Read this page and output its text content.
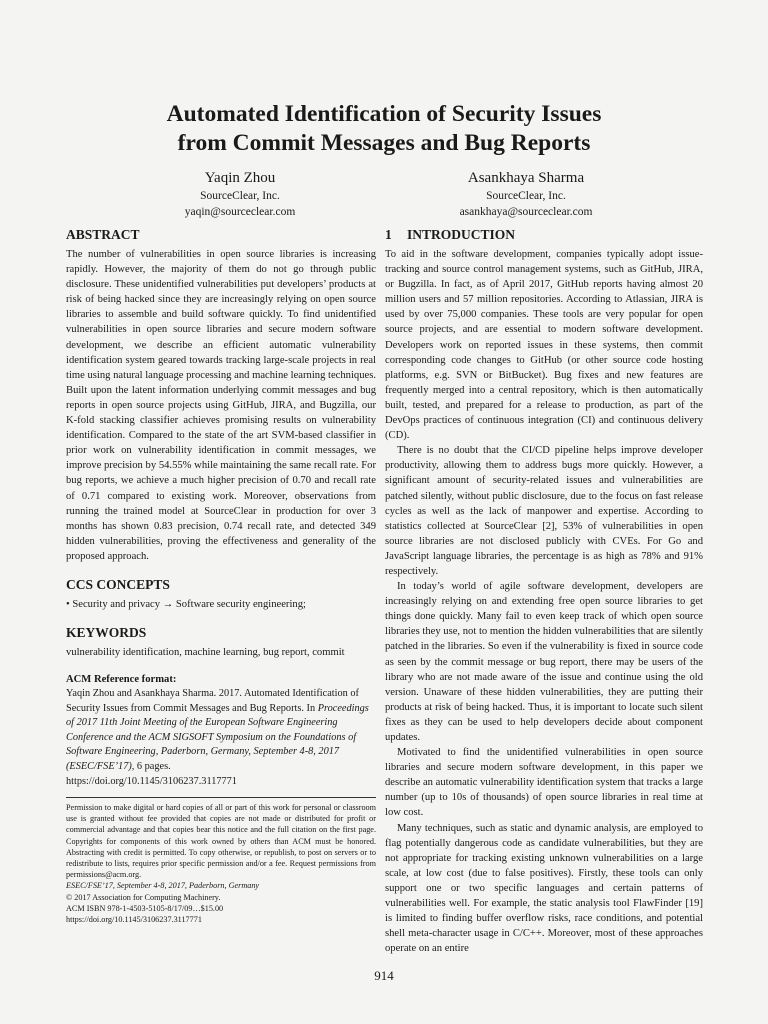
Automated Identification of Security Issues
from Commit Messages and Bug Reports
Yaqin Zhou
SourceClear, Inc.
yaqin@sourceclear.com
Asankhaya Sharma
SourceClear, Inc.
asankhaya@sourceclear.com
ABSTRACT

The number of vulnerabilities in open source libraries is increasing rapidly. However, the majority of them do not go through public disclosure. These unidentified vulnerabilities put developers’ products at risk of being hacked since they are increasingly relying on open source libraries to assemble and build software quickly. To find unidentified vulnerabilities in open source libraries and secure modern software development, we describe an efficient automatic vulnerability identification system geared towards tracking large-scale projects in real time using natural language processing and machine learning techniques. Built upon the latent information underlying commit messages and bug reports in open source projects using GitHub, JIRA, and Bugzilla, our K-fold stacking classifier achieves promising results on vulnerability identification. Compared to the state of the art SVM-based classifier in prior work on vulnerability identification in commit messages, we improve precision by 54.55% while maintaining the same recall rate. For bug reports, we achieve a much higher precision of 0.70 and recall rate of 0.71 compared to existing work. Moreover, observations from running the trained model at SourceClear in production for over 3 months has shown 0.83 precision, 0.74 recall rate, and detected 349 hidden vulnerabilities, proving the effectiveness and generality of the proposed approach.

CCS CONCEPTS
• Security and privacy → Software security engineering;
KEYWORDS
vulnerability identification, machine learning, bug report, commit
ACM Reference format:
Yaqin Zhou and Asankhaya Sharma. 2017. Automated Identification of Security Issues from Commit Messages and Bug Reports. In Proceedings of 2017 11th Joint Meeting of the European Software Engineering Conference and the ACM SIGSOFT Symposium on the Foundations of Software Engineering, Paderborn, Germany, September 4-8, 2017 (ESEC/FSE’17), 6 pages.
https://doi.org/10.1145/3106237.3117771
Permission to make digital or hard copies of all or part of this work for personal or classroom use is granted without fee provided that copies are not made or distributed for profit or commercial advantage and that copies bear this notice and the full citation on the first page. Copyrights for components of this work owned by others than ACM must be honored. Abstracting with credit is permitted. To copy otherwise, or republish, to post on servers or to redistribute to lists, requires prior specific permission and/or a fee. Request permissions from permissions@acm.org.
ESEC/FSE’17, September 4-8, 2017, Paderborn, Germany
© 2017 Association for Computing Machinery.
ACM ISBN 978-1-4503-5105-8/17/09…$15.00
https://doi.org/10.1145/3106237.3117771
1 INTRODUCTION

To aid in the software development, companies typically adopt issue-tracking and source control management systems, such as GitHub, JIRA, or Bugzilla. In fact, as of April 2017, GitHub reports having almost 20 million users and 57 million repositories. According to Atlassian, JIRA is used by over 75,000 companies. These tools are very popular for open source projects, and are essential to modern software development. Developers work on reported issues in these systems, then commit corresponding code changes to GitHub (or other source code hosting platforms, e.g. SVN or BitBucket). Bug fixes and new features are frequently merged into a central repository, which is then automatically built, tested, and prepared for a release to production, as part of the DevOps practices of continuous integration (CI) and continuous delivery (CD).

There is no doubt that the CI/CD pipeline helps improve developer productivity, allowing them to address bugs more quickly. However, a significant amount of security-related issues and vulnerabilities are patched silently, without public disclosure, due to the focus on fast release cycles as well as the lack of manpower and expertise. According to statistics collected at SourceClear [2], 53% of vulnerabilities in open source libraries are not disclosed publicly with CVEs. For Go and JavaScript language libraries, the percentage is as high as 78% and 91% respectively.

In today’s world of agile software development, developers are increasingly relying on and extending free open source libraries to get things done quickly. Many fail to even keep track of which open source libraries they use, not to mention the hidden vulnerabilities that are silently patched in the libraries. So even if the vulnerability is fixed in source code as seen by the commit message or bug report, there may be users of the library who are not made aware of the issue and continue using the old version. Unaware of these hidden vulnerabilities, they are putting their products at risk of being hacked. Thus, it is important to locate such silent fixes as they can be used to help developers decide about component updates.

Motivated to find the unidentified vulnerabilities in open source libraries and secure modern software development, in this paper we describe an automatic vulnerability identification system that tracks a large number (up to 10s of thousands) of open source libraries in real time at low cost.

Many techniques, such as static and dynamic analysis, are employed to flag potentially dangerous code as candidate vulnerabilities, but they are not appropriate for tracking existing unknown vulnerabilities on a large scale, at low cost (due to false positives). Firstly, these tools can only support one or two specific languages and certain patterns of vulnerabilities well. For example, the static analysis tool FlawFinder [19] is limited to finding buffer overflow risks, race conditions, and potential shell meta-character usage in C/C++. Moreover, most of these approaches operate on an entire

914
